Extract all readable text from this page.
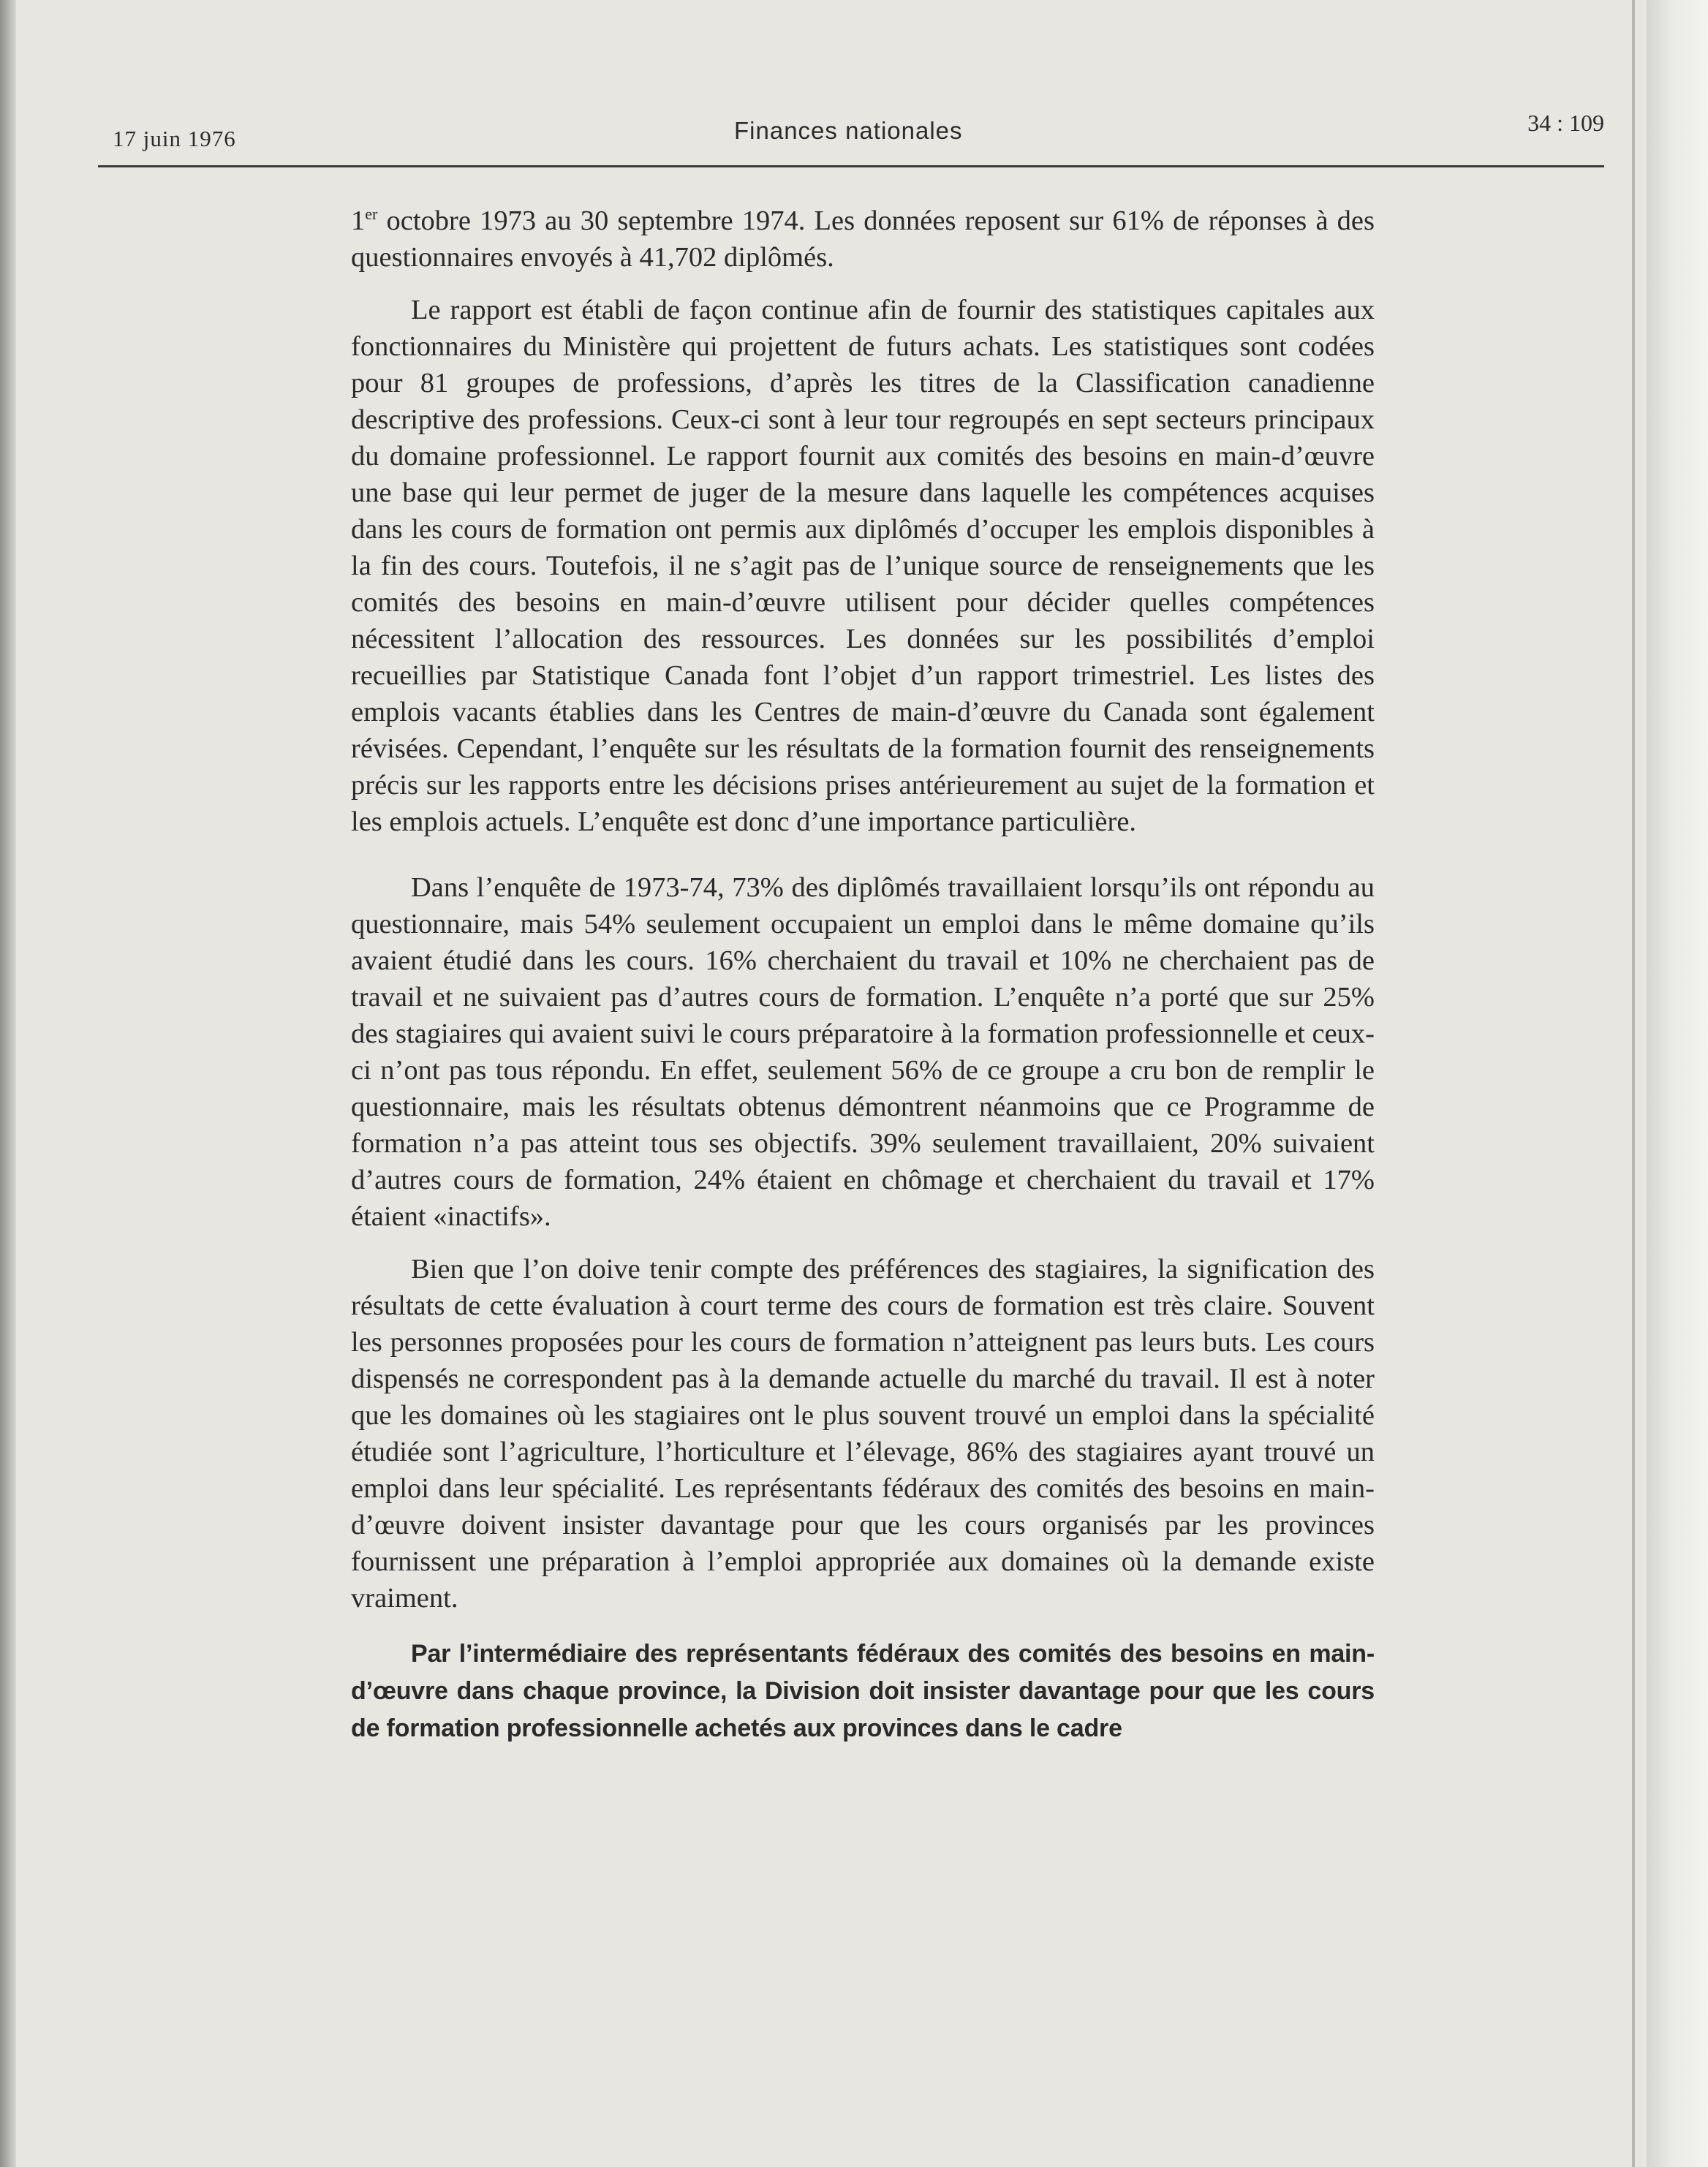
17 juin 1976	Finances nationales	34 : 109

1er octobre 1973 au 30 septembre 1974. Les données reposent sur 61% de réponses à des questionnaires envoyés à 41,702 diplômés.

Le rapport est établi de façon continue afin de fournir des statistiques capitales aux fonctionnaires du Ministère qui projettent de futurs achats. Les statistiques sont codées pour 81 groupes de professions, d’après les titres de la Classification canadienne descriptive des professions. Ceux-ci sont à leur tour regroupés en sept secteurs principaux du domaine professionnel. Le rapport fournit aux comités des besoins en main-d’œuvre une base qui leur permet de juger de la mesure dans laquelle les compétences acquises dans les cours de formation ont permis aux diplômés d’occuper les emplois disponibles à la fin des cours. Toutefois, il ne s’agit pas de l’unique source de renseignements que les comités des besoins en main-d’œuvre utilisent pour décider quelles compétences nécessitent l’allocation des ressources. Les données sur les possibilités d’emploi recueillies par Statistique Canada font l’objet d’un rapport trimestriel. Les listes des emplois vacants établies dans les Centres de main-d’œuvre du Canada sont également révisées. Cependant, l’enquête sur les résultats de la formation fournit des renseignements précis sur les rapports entre les décisions prises antérieurement au sujet de la formation et les emplois actuels. L’enquête est donc d’une importance particulière.

Dans l’enquête de 1973-74, 73% des diplômés travaillaient lorsqu’ils ont répondu au questionnaire, mais 54% seulement occupaient un emploi dans le même domaine qu’ils avaient étudié dans les cours. 16% cherchaient du travail et 10% ne cherchaient pas de travail et ne suivaient pas d’autres cours de formation. L’enquête n’a porté que sur 25% des stagiaires qui avaient suivi le cours préparatoire à la formation professionnelle et ceux-ci n’ont pas tous répondu. En effet, seulement 56% de ce groupe a cru bon de remplir le questionnaire, mais les résultats obtenus démontrent néanmoins que ce Programme de formation n’a pas atteint tous ses objectifs. 39% seulement travaillaient, 20% suivaient d’autres cours de formation, 24% étaient en chômage et cherchaient du travail et 17% étaient «inactifs».

Bien que l’on doive tenir compte des préférences des stagiaires, la signification des résultats de cette évaluation à court terme des cours de formation est très claire. Souvent les personnes proposées pour les cours de formation n’atteignent pas leurs buts. Les cours dispensés ne correspondent pas à la demande actuelle du marché du travail. Il est à noter que les domaines où les stagiaires ont le plus souvent trouvé un emploi dans la spécialité étudiée sont l’agriculture, l’horticulture et l’élevage, 86% des stagiaires ayant trouvé un emploi dans leur spécialité. Les représentants fédéraux des comités des besoins en main-d’œuvre doivent insister davantage pour que les cours organisés par les provinces fournissent une préparation à l’emploi appropriée aux domaines où la demande existe vraiment.

Par l’intermédiaire des représentants fédéraux des comités des besoins en main-d’œuvre dans chaque province, la Division doit insister davantage pour que les cours de formation professionnelle achetés aux provinces dans le cadre
